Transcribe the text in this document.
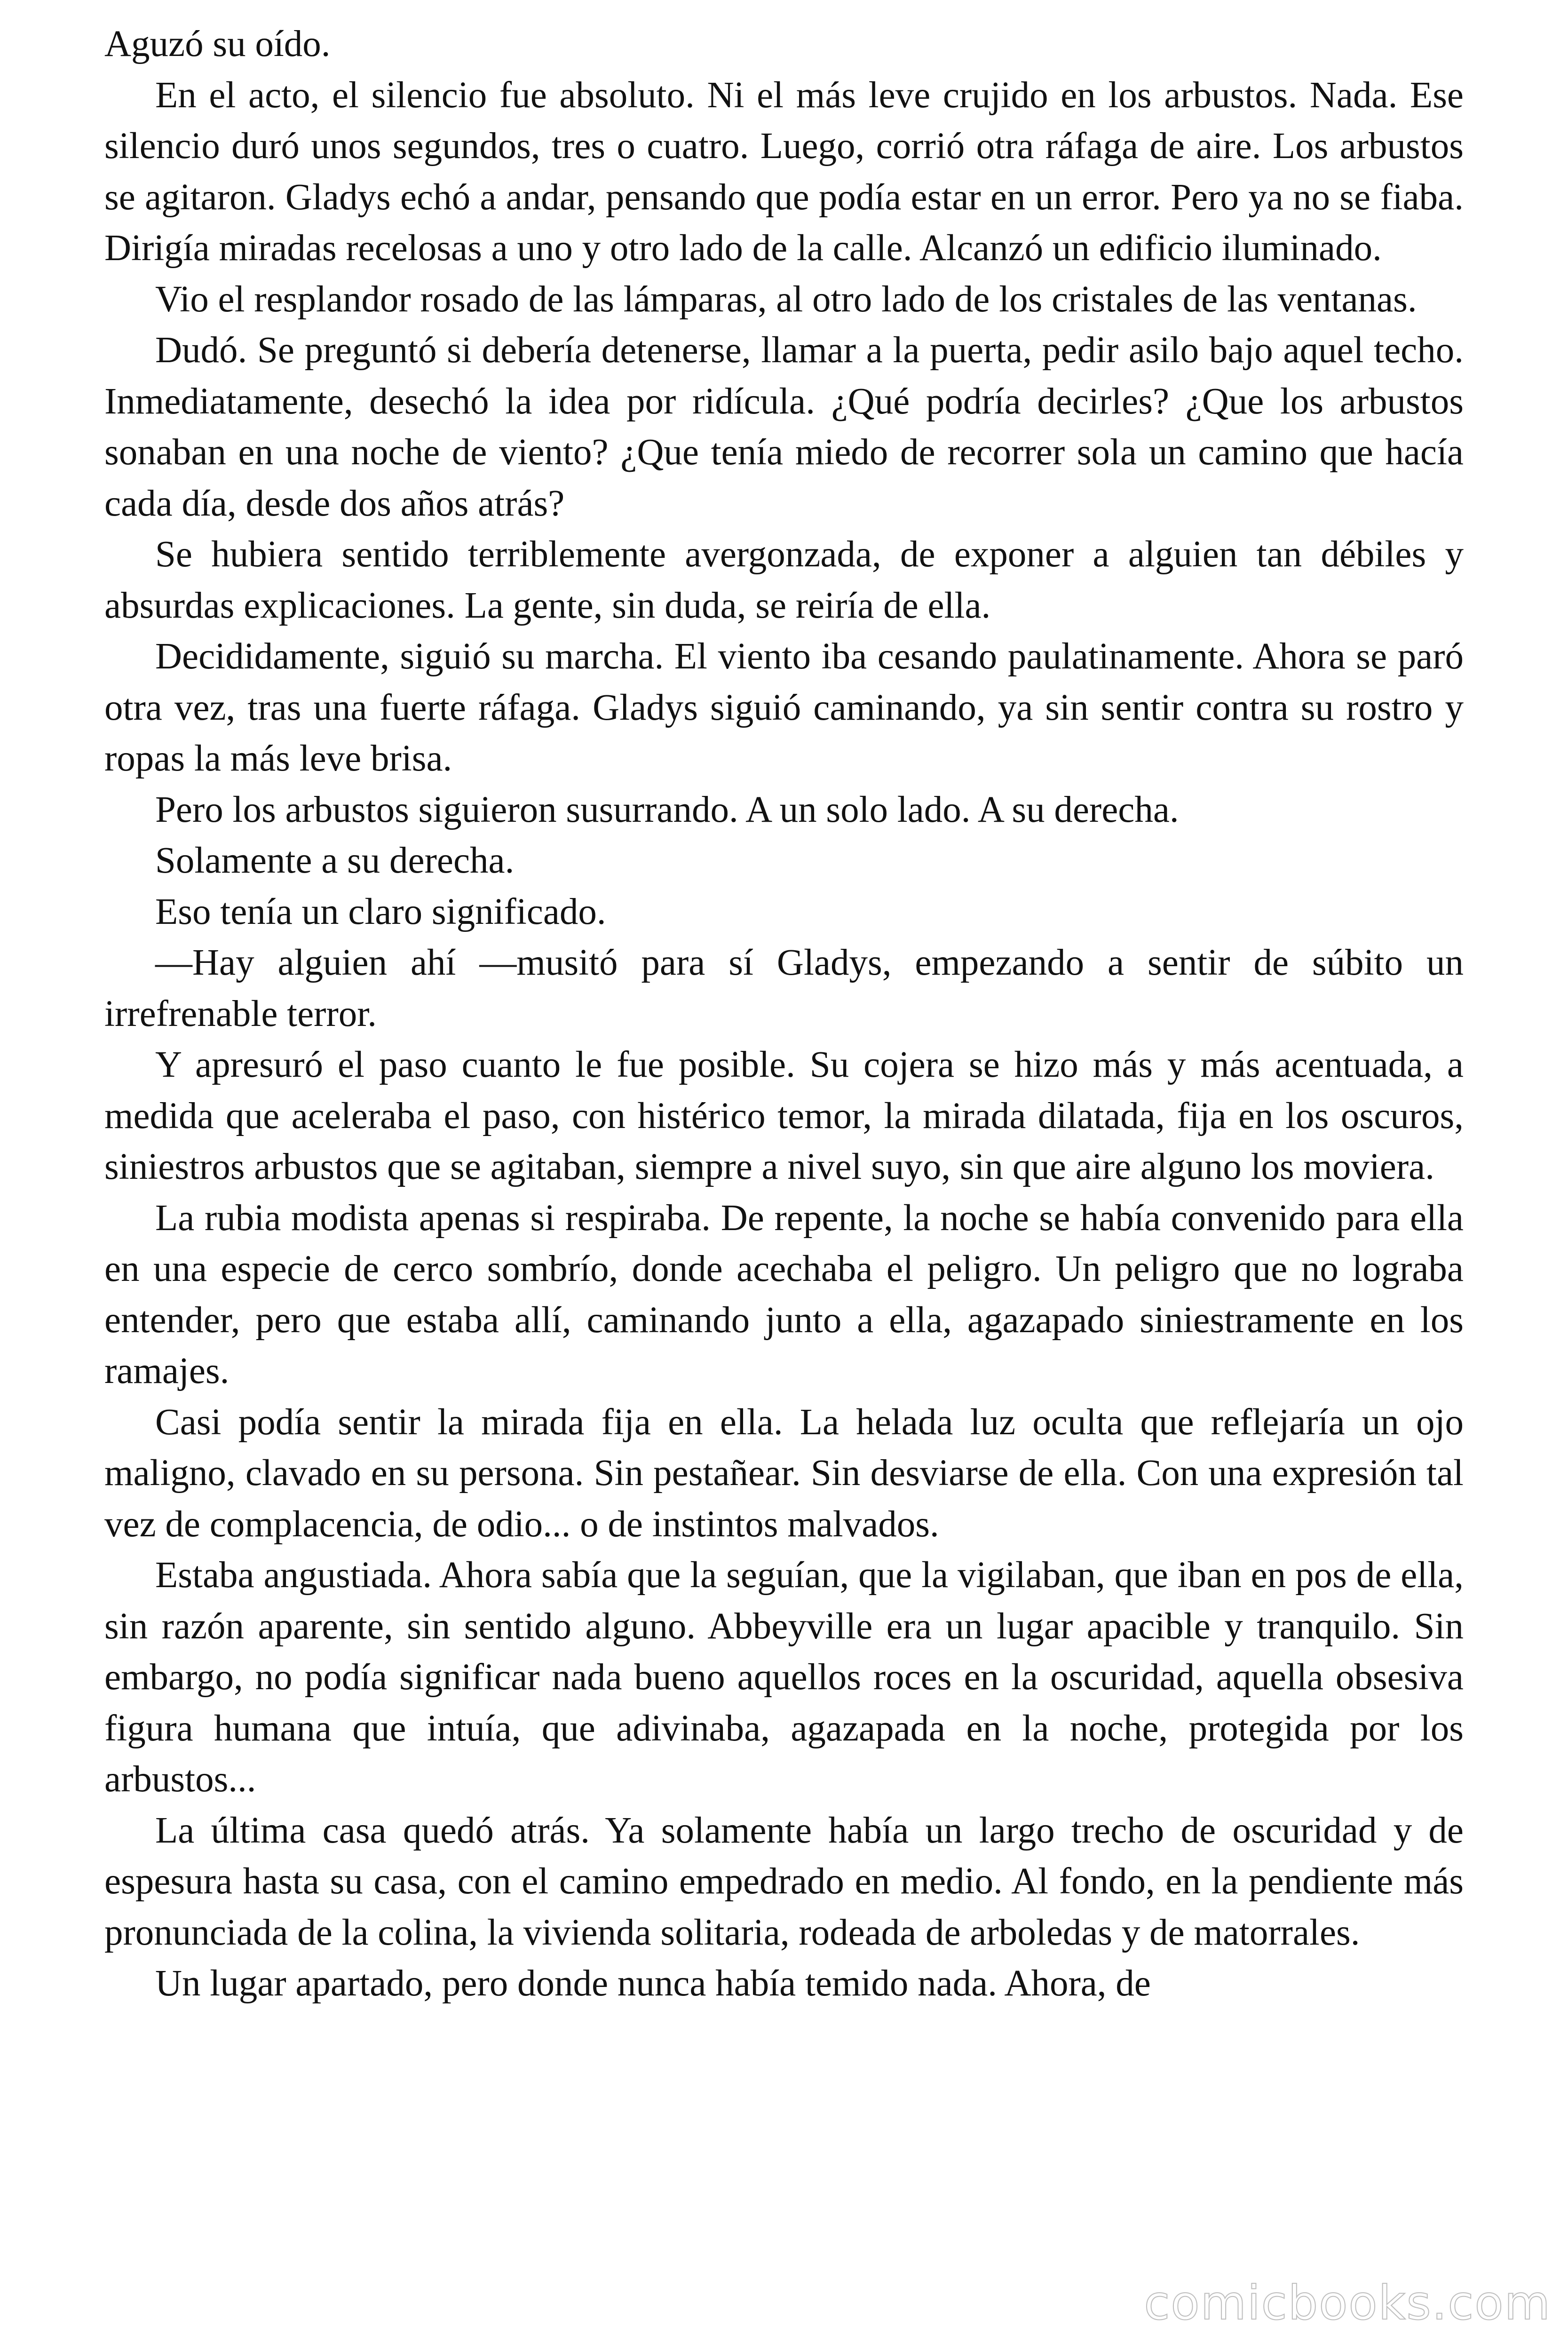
Aguzó su oído.

En el acto, el silencio fue absoluto. Ni el más leve crujido en los arbustos. Nada. Ese silencio duró unos segundos, tres o cuatro. Luego, corrió otra ráfaga de aire. Los arbustos se agitaron. Gladys echó a andar, pensando que podía estar en un error. Pero ya no se fiaba. Dirigía miradas recelosas a uno y otro lado de la calle. Alcanzó un edificio iluminado.

Vio el resplandor rosado de las lámparas, al otro lado de los cristales de las ventanas.

Dudó. Se preguntó si debería detenerse, llamar a la puerta, pedir asilo bajo aquel techo. Inmediatamente, desechó la idea por ridícula. ¿Qué podría decirles? ¿Que los arbustos sonaban en una noche de viento? ¿Que tenía miedo de recorrer sola un camino que hacía cada día, desde dos años atrás?

Se hubiera sentido terriblemente avergonzada, de exponer a alguien tan débiles y absurdas explicaciones. La gente, sin duda, se reiría de ella.

Decididamente, siguió su marcha. El viento iba cesando paulatinamente. Ahora se paró otra vez, tras una fuerte ráfaga. Gladys siguió caminando, ya sin sentir contra su rostro y ropas la más leve brisa.

Pero los arbustos siguieron susurrando. A un solo lado. A su derecha.

Solamente a su derecha.

Eso tenía un claro significado.

—Hay alguien ahí —musitó para sí Gladys, empezando a sentir de súbito un irrefrenable terror.

Y apresuró el paso cuanto le fue posible. Su cojera se hizo más y más acentuada, a medida que aceleraba el paso, con histérico temor, la mirada dilatada, fija en los oscuros, siniestros arbustos que se agitaban, siempre a nivel suyo, sin que aire alguno los moviera.

La rubia modista apenas si respiraba. De repente, la noche se había convenido para ella en una especie de cerco sombrío, donde acechaba el peligro. Un peligro que no lograba entender, pero que estaba allí, caminando junto a ella, agazapado siniestramente en los ramajes.

Casi podía sentir la mirada fija en ella. La helada luz oculta que reflejaría un ojo maligno, clavado en su persona. Sin pestañear. Sin desviarse de ella. Con una expresión tal vez de complacencia, de odio... o de instintos malvados.

Estaba angustiada. Ahora sabía que la seguían, que la vigilaban, que iban en pos de ella, sin razón aparente, sin sentido alguno. Abbeyville era un lugar apacible y tranquilo. Sin embargo, no podía significar nada bueno aquellos roces en la oscuridad, aquella obsesiva figura humana que intuía, que adivinaba, agazapada en la noche, protegida por los arbustos...

La última casa quedó atrás. Ya solamente había un largo trecho de oscuridad y de espesura hasta su casa, con el camino empedrado en medio. Al fondo, en la pendiente más pronunciada de la colina, la vivienda solitaria, rodeada de arboledas y de matorrales.

Un lugar apartado, pero donde nunca había temido nada. Ahora, de

comicbooks.com
